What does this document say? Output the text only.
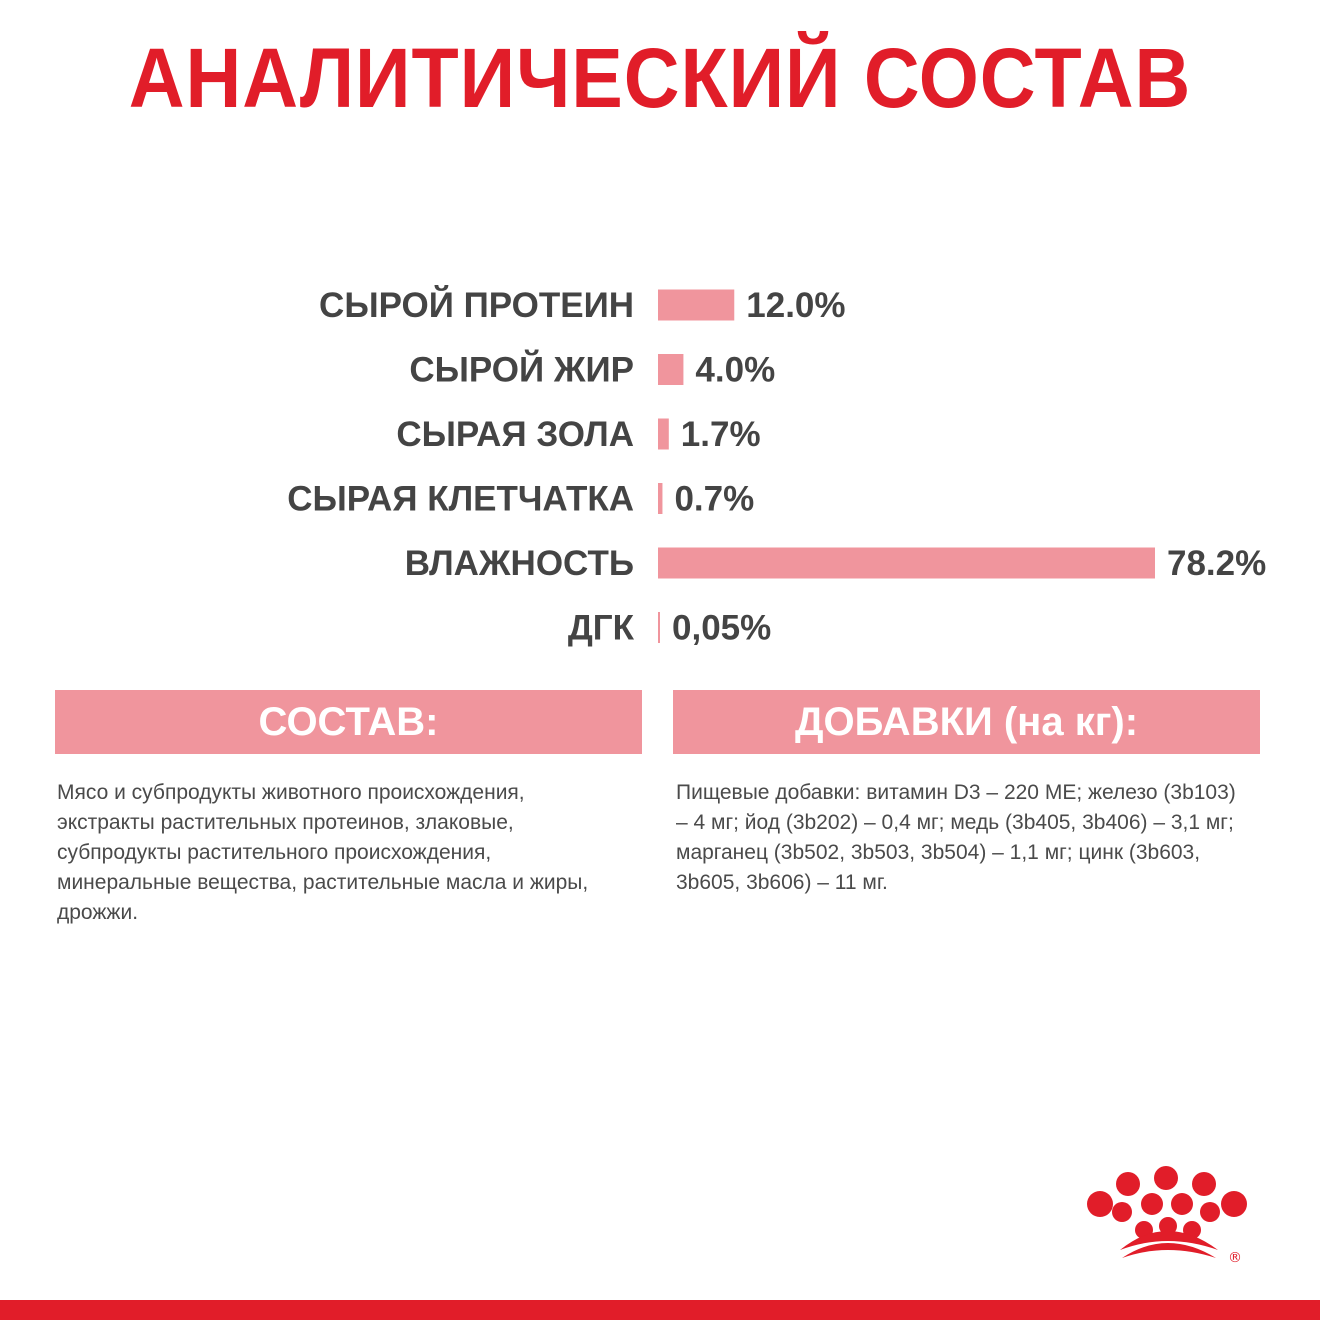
АНАЛИТИЧЕСКИЙ СОСТАВ
СЫРОЙ ПРОТЕИН	12.0%
СЫРОЙ ЖИР 4.0%
СЫРАЯ ЗОЛА 1.7%
СЫРАЯ КЛЕТЧАТКА 0.7%
ВЛАЖНОСТЬ	78.2%
ДГК 0,05%
СОСТАВ:	ДОБАВКИ (на кг):
Мясо и субпродукты животного происхождения,
экстракты растительных протеинов, злаковые,
субпродукты растительного происхождения,
минеральные вещества, растительные масла и жиры,
дрожжи.
Пищевые добавки: витамин D3 – 220 МЕ; железо (3b103)
– 4 мг; йод (3b202) – 0,4 мг; медь (3b405, 3b406) – 3,1 мг;
марганец (3b502, 3b503, 3b504) – 1,1 мг; цинк (3b603,
3b605, 3b606) – 11 мг.
®
